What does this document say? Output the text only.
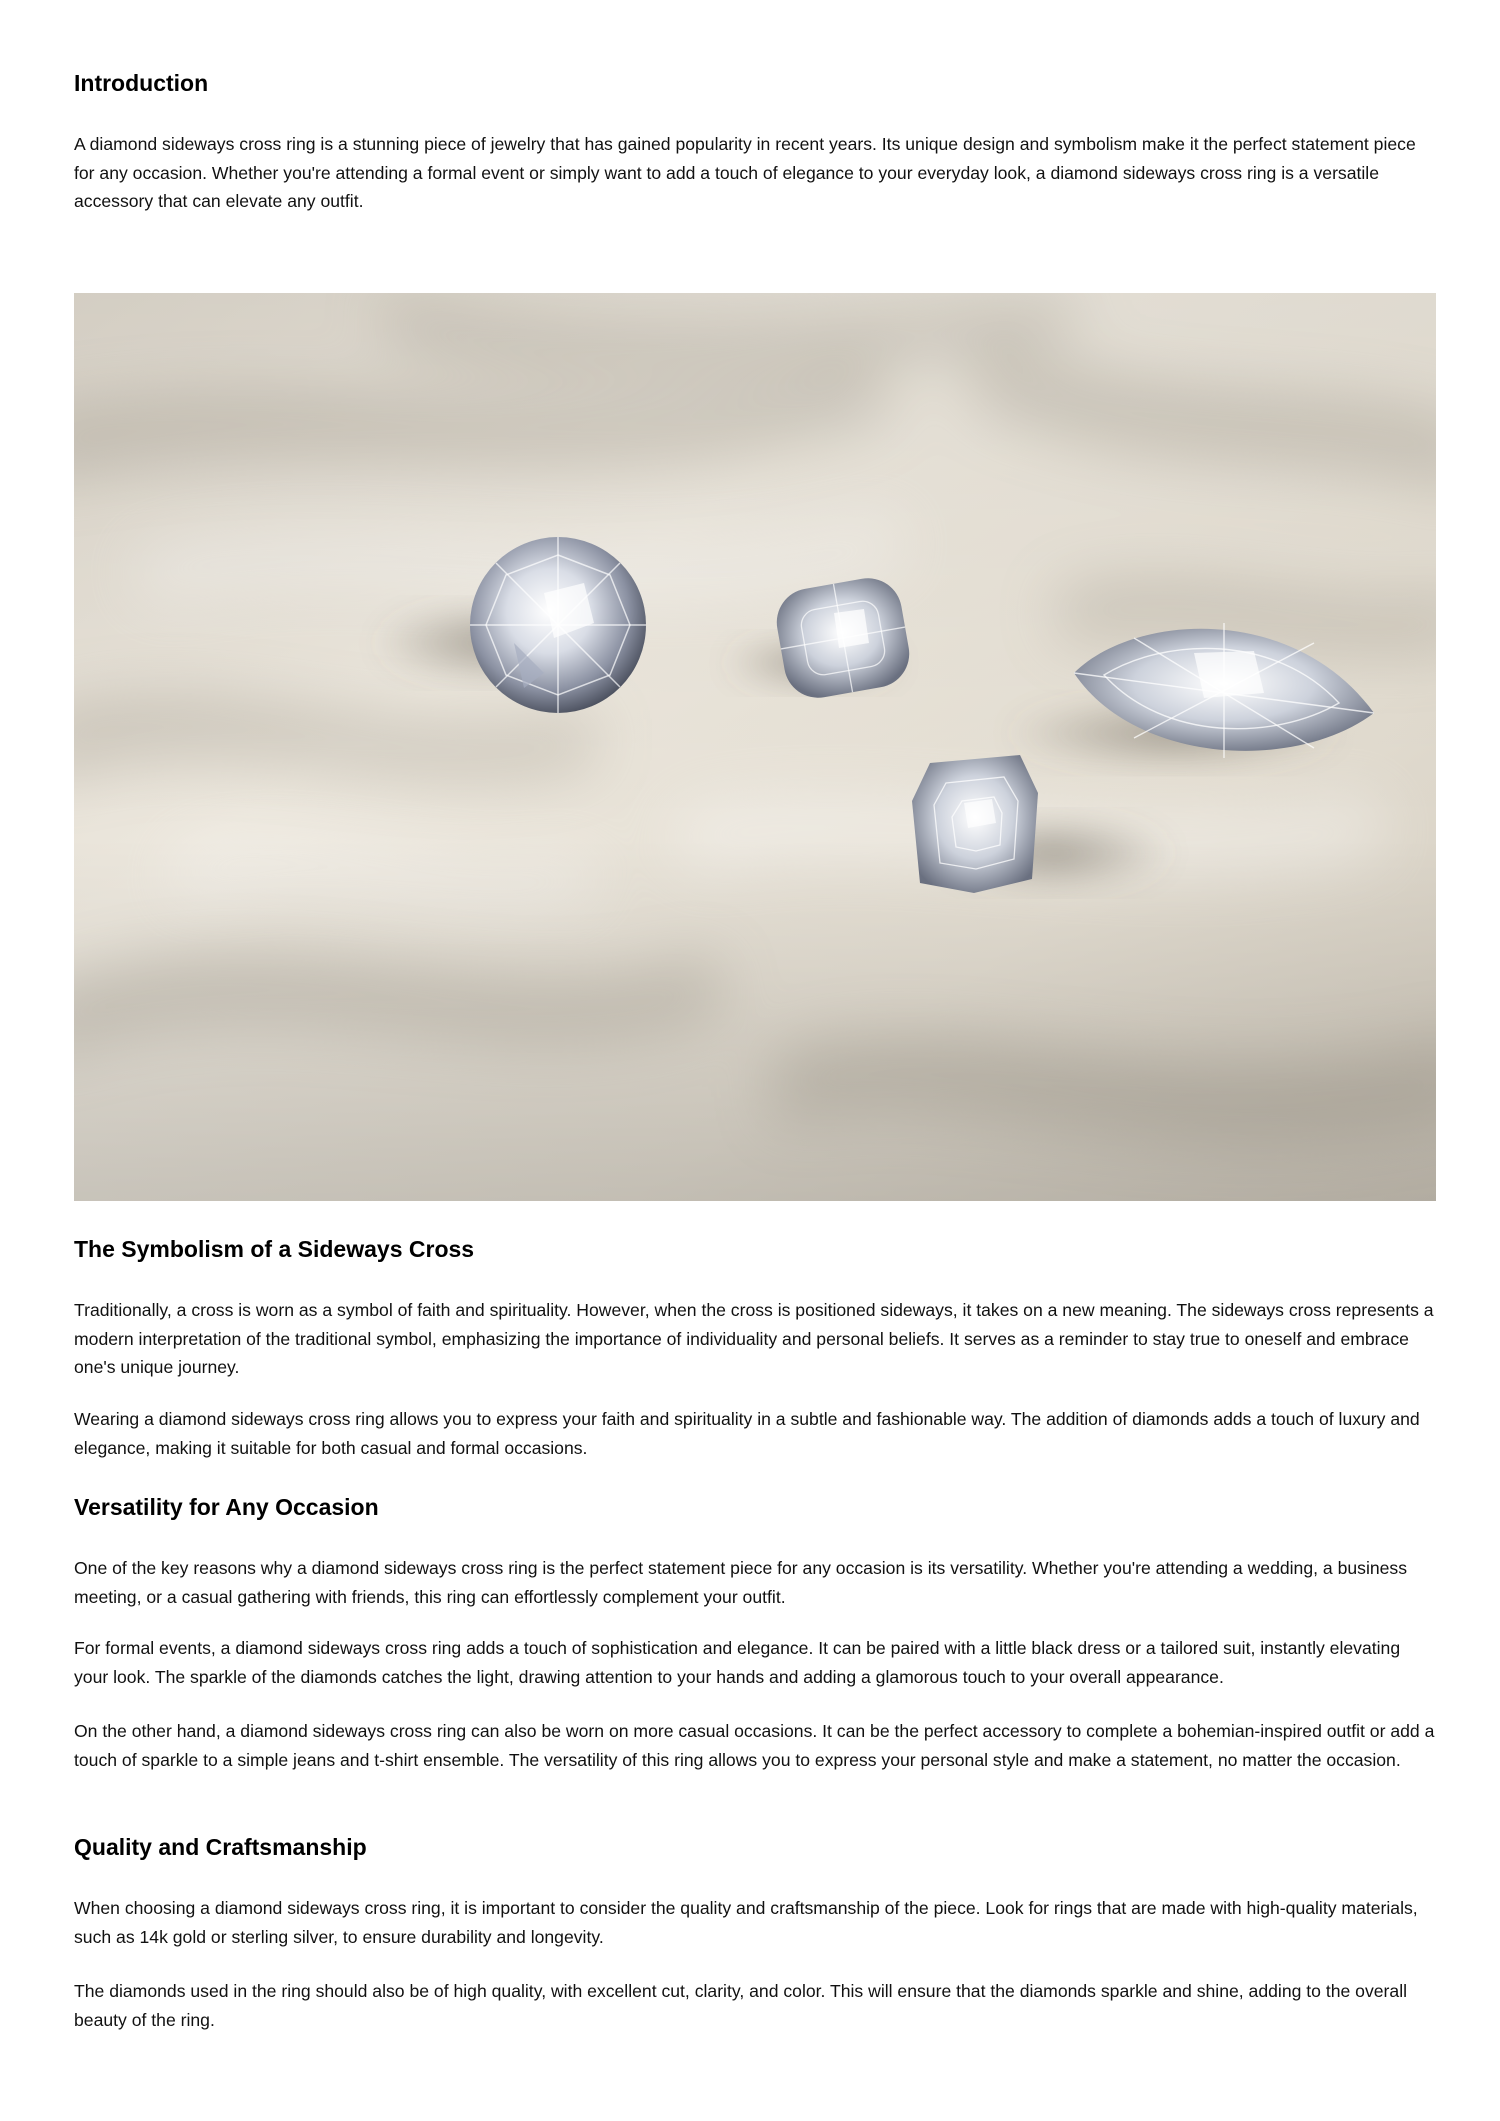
Introduction

A diamond sideways cross ring is a stunning piece of jewelry that has gained popularity in recent years. Its unique design and symbolism make it the perfect statement piece for any occasion. Whether you're attending a formal event or simply want to add a touch of elegance to your everyday look, a diamond sideways cross ring is a versatile accessory that can elevate any outfit.

The Symbolism of a Sideways Cross

Traditionally, a cross is worn as a symbol of faith and spirituality. However, when the cross is positioned sideways, it takes on a new meaning. The sideways cross represents a modern interpretation of the traditional symbol, emphasizing the importance of individuality and personal beliefs. It serves as a reminder to stay true to oneself and embrace one's unique journey.

Wearing a diamond sideways cross ring allows you to express your faith and spirituality in a subtle and fashionable way. The addition of diamonds adds a touch of luxury and elegance, making it suitable for both casual and formal occasions.

Versatility for Any Occasion

One of the key reasons why a diamond sideways cross ring is the perfect statement piece for any occasion is its versatility. Whether you're attending a wedding, a business meeting, or a casual gathering with friends, this ring can effortlessly complement your outfit.

For formal events, a diamond sideways cross ring adds a touch of sophistication and elegance. It can be paired with a little black dress or a tailored suit, instantly elevating your look. The sparkle of the diamonds catches the light, drawing attention to your hands and adding a glamorous touch to your overall appearance.

On the other hand, a diamond sideways cross ring can also be worn on more casual occasions. It can be the perfect accessory to complete a bohemian-inspired outfit or add a touch of sparkle to a simple jeans and t-shirt ensemble. The versatility of this ring allows you to express your personal style and make a statement, no matter the occasion.

Quality and Craftsmanship

When choosing a diamond sideways cross ring, it is important to consider the quality and craftsmanship of the piece. Look for rings that are made with high-quality materials, such as 14k gold or sterling silver, to ensure durability and longevity.

The diamonds used in the ring should also be of high quality, with excellent cut, clarity, and color. This will ensure that the diamonds sparkle and shine, adding to the overall beauty of the ring.
